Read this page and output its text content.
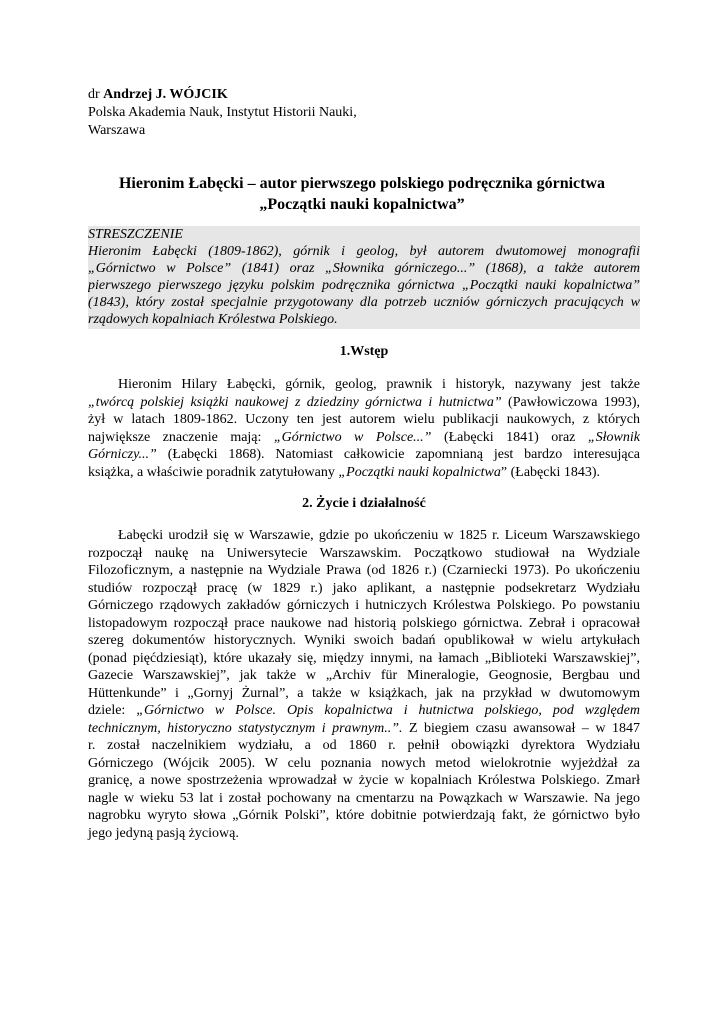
dr Andrzej J. WÓJCIK
Polska Akademia Nauk, Instytut Historii Nauki,
Warszawa
Hieronim Łabęcki – autor pierwszego polskiego podręcznika górnictwa
„Początki nauki kopalnictwa”
STRESZCZENIE
Hieronim Łabęcki (1809-1862), górnik i geolog, był autorem dwutomowej monografii
„Górnictwo w Polsce” (1841) oraz „Słownika górniczego...” (1868), a także autorem
pierwszego pierwszego języku polskim podręcznika górnictwa „Początki nauki kopalnictwa”
(1843), który został specjalnie przygotowany dla potrzeb uczniów górniczych pracujących w
rządowych kopalniach Królestwa Polskiego.
1.Wstęp
Hieronim Hilary Łabęcki, górnik, geolog, prawnik i historyk, nazywany jest także
„twórcą polskiej książki naukowej z dziedziny górnictwa i hutnictwa” (Pawłowiczowa 1993),
żył w latach 1809-1862. Uczony ten jest autorem wielu publikacji naukowych, z których
największe znaczenie mają: „Górnictwo w Polsce...” (Łabęcki 1841) oraz „Słownik
Górniczy...” (Łabęcki 1868). Natomiast całkowicie zapomnianą jest bardzo interesująca
książka, a właściwie poradnik zatytułowany „Początki nauki kopalnictwa” (Łabęcki 1843).
2. Życie i działalność
Łabęcki urodził się w Warszawie, gdzie po ukończeniu w 1825 r. Liceum Warszawskiego
rozpoczął naukę na Uniwersytecie Warszawskim. Początkowo studiował na Wydziale
Filozoficznym, a następnie na Wydziale Prawa (od 1826 r.) (Czarniecki 1973). Po ukończeniu
studiów rozpoczął pracę (w 1829 r.) jako aplikant, a następnie podsekretarz Wydziału
Górniczego rządowych zakładów górniczych i hutniczych Królestwa Polskiego. Po powstaniu
listopadowym rozpoczął prace naukowe nad historią polskiego górnictwa. Zebrał i opracował
szereg dokumentów historycznych. Wyniki swoich badań opublikował w wielu artykułach
(ponad pięćdziesiąt), które ukazały się, między innymi, na łamach „Biblioteki Warszawskiej”,
Gazecie Warszawskiej”, jak także w „Archiv für Mineralogie, Geognosie, Bergbau und
Hüttenkunde” i „Gornyj Żurnal”, a także w książkach, jak na przykład w dwutomowym
dziele: „Górnictwo w Polsce. Opis kopalnictwa i hutnictwa polskiego, pod względem
technicznym, historyczno statystycznym i prawnym..”. Z biegiem czasu awansował – w 1847
r. został naczelnikiem wydziału, a od 1860 r. pełnił obowiązki dyrektora Wydziału
Górniczego (Wójcik 2005). W celu poznania nowych metod wielokrotnie wyjeżdżał za
granicę, a nowe spostrzeżenia wprowadzał w życie w kopalniach Królestwa Polskiego. Zmarł
nagle w wieku 53 lat i został pochowany na cmentarzu na Powązkach w Warszawie. Na jego
nagrobku wyryto słowa „Górnik Polski”, które dobitnie potwierdzają fakt, że górnictwo było
jego jedyną pasją życiową.
